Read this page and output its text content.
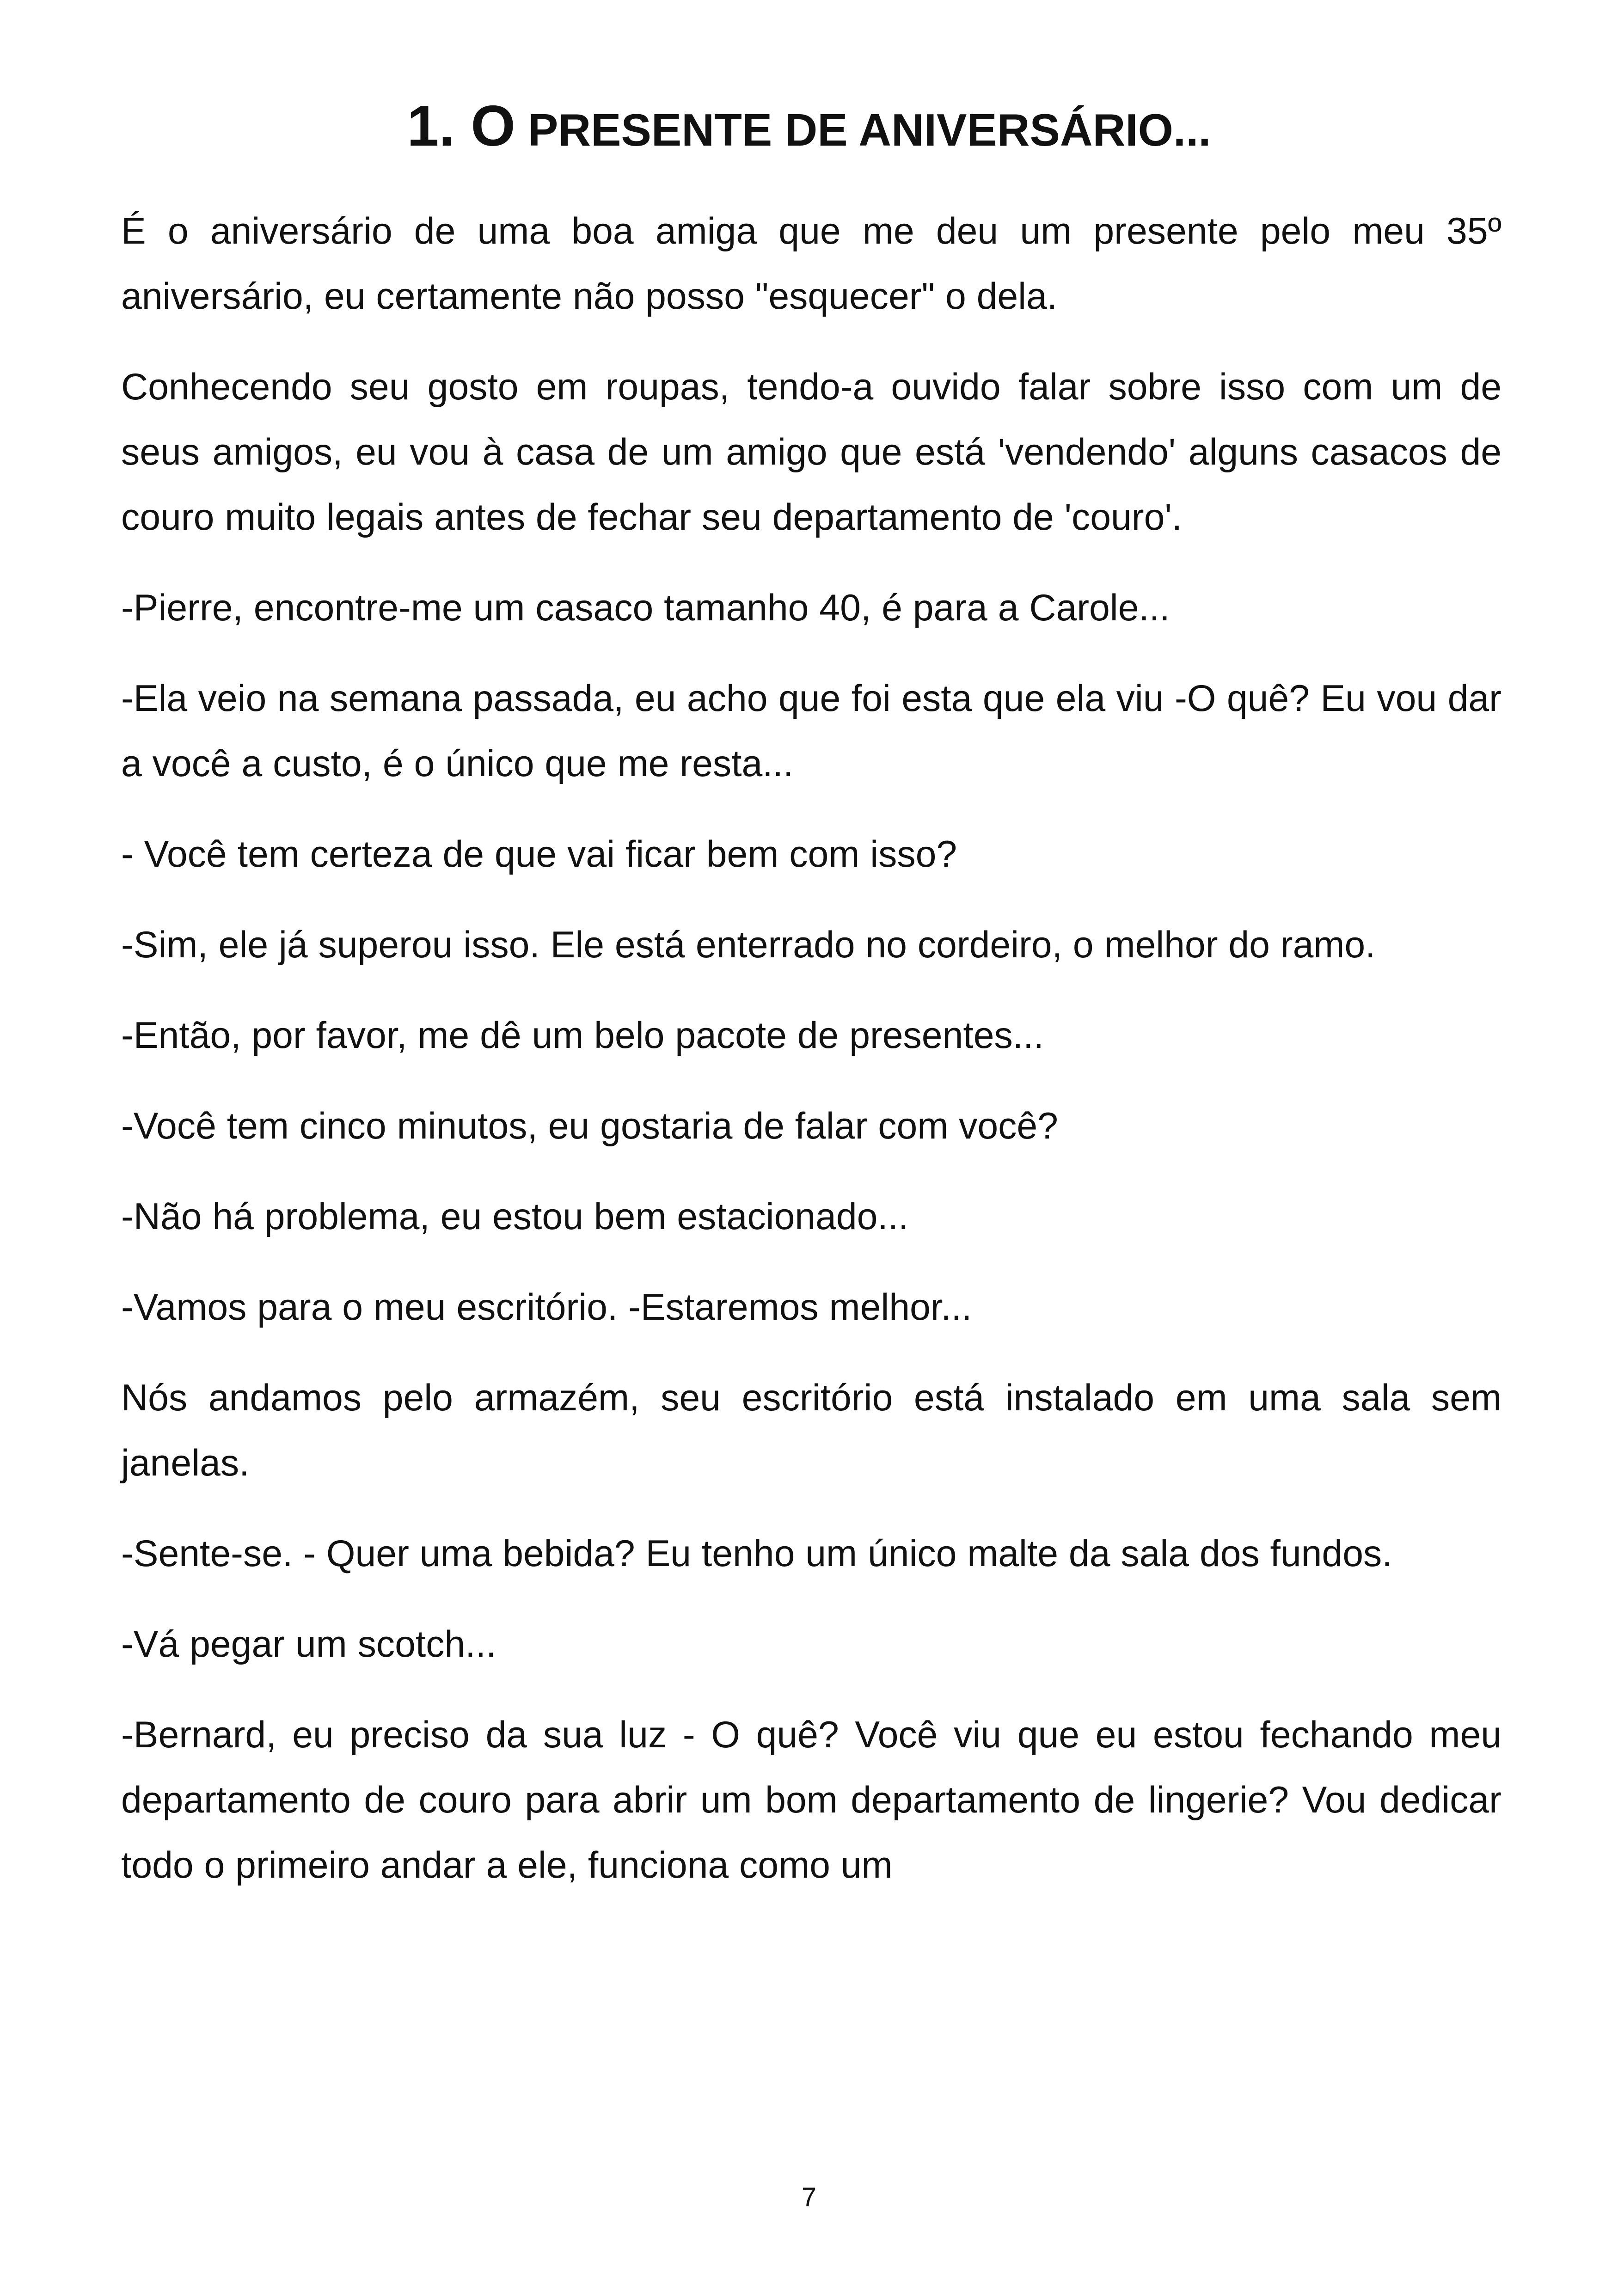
1. O PRESENTE DE ANIVERSÁRIO...

É o aniversário de uma boa amiga que me deu um presente pelo meu 35º aniversário, eu certamente não posso "esquecer" o dela.

Conhecendo seu gosto em roupas, tendo-a ouvido falar sobre isso com um de seus amigos, eu vou à casa de um amigo que está 'vendendo' alguns casacos de couro muito legais antes de fechar seu departamento de 'couro'.

-Pierre, encontre-me um casaco tamanho 40, é para a Carole...

-Ela veio na semana passada, eu acho que foi esta que ela viu -O quê? Eu vou dar a você a custo, é o único que me resta...

- Você tem certeza de que vai ficar bem com isso?

-Sim, ele já superou isso. Ele está enterrado no cordeiro, o melhor do ramo.

-Então, por favor, me dê um belo pacote de presentes...

-Você tem cinco minutos, eu gostaria de falar com você?

-Não há problema, eu estou bem estacionado...

-Vamos para o meu escritório. -Estaremos melhor...

Nós andamos pelo armazém, seu escritório está instalado em uma sala sem janelas.

-Sente-se. - Quer uma bebida? Eu tenho um único malte da sala dos fundos.

-Vá pegar um scotch...

-Bernard, eu preciso da sua luz - O quê? Você viu que eu estou fechando meu departamento de couro para abrir um bom departamento de lingerie? Vou dedicar todo o primeiro andar a ele, funciona como um

7
